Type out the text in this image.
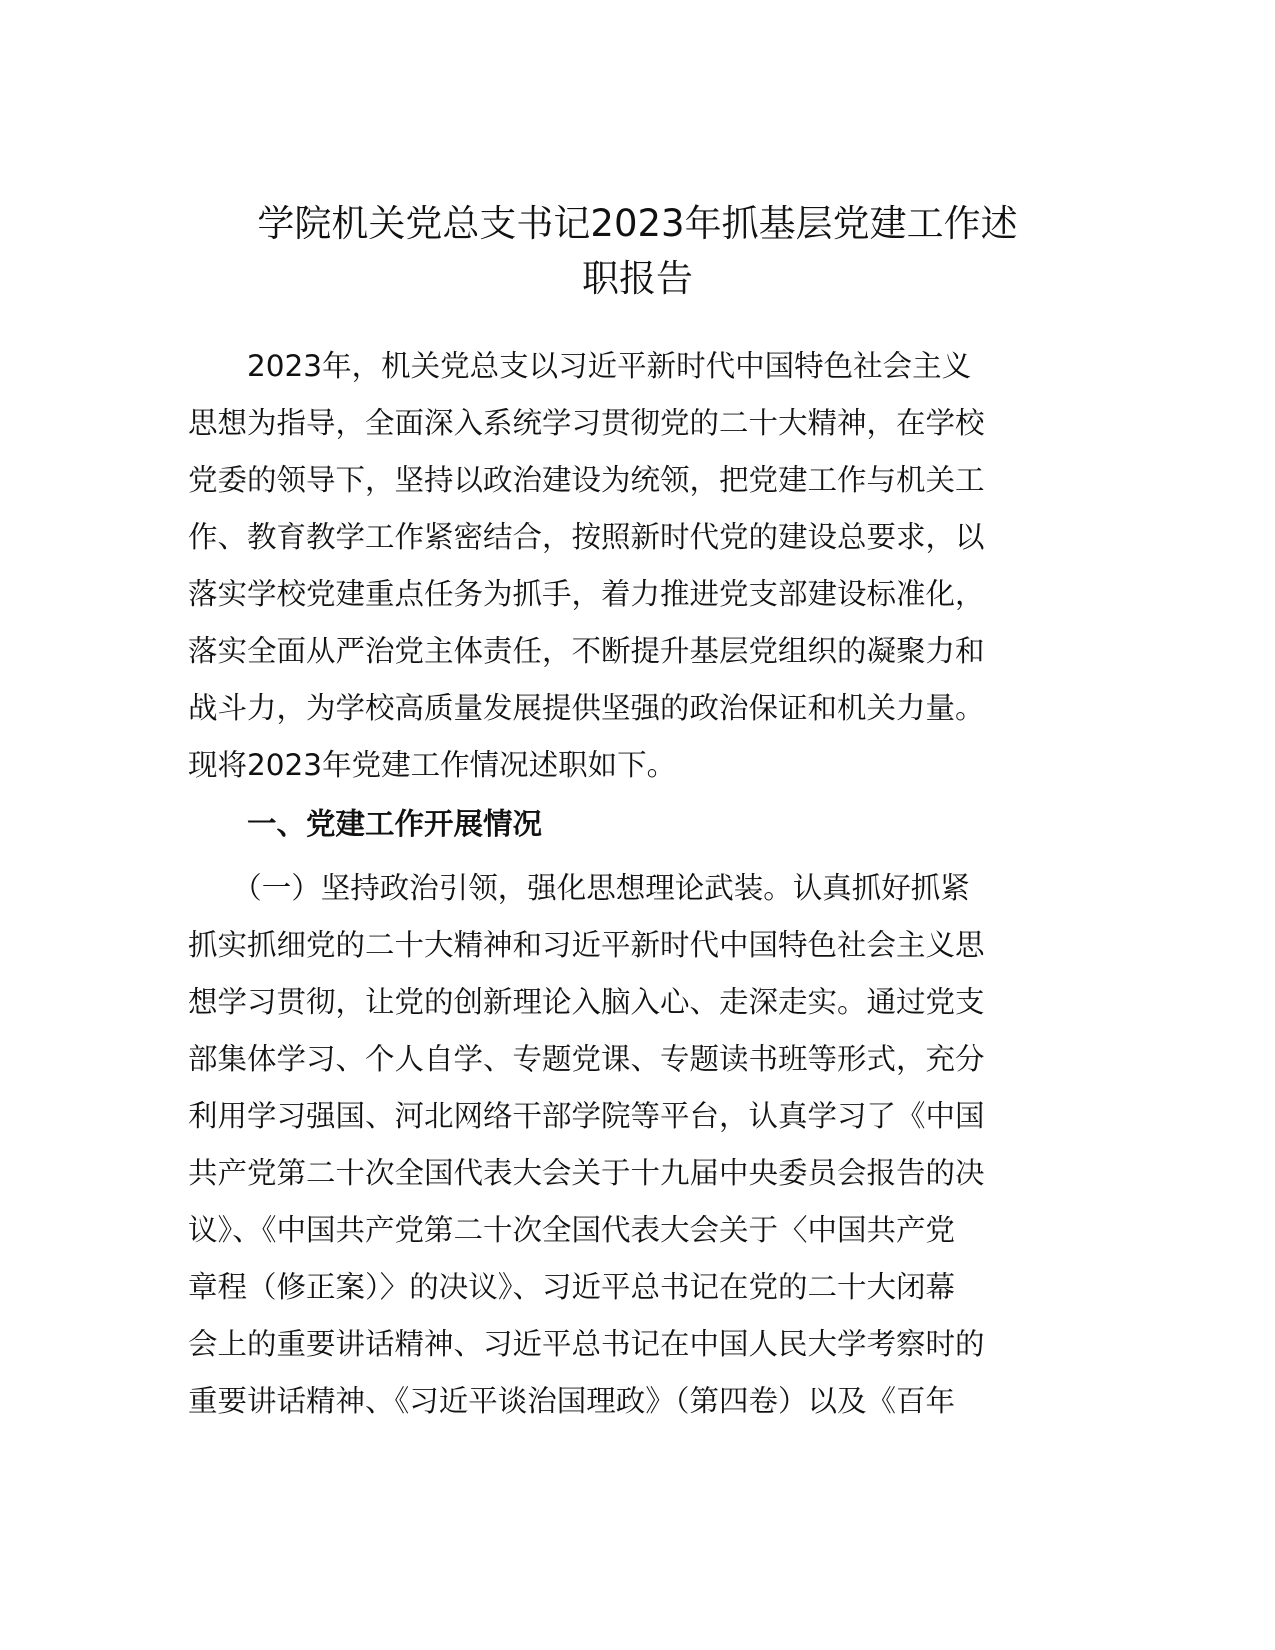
学院机关党总支书记2023年抓基层党建工作述
职报告

　　2023年，机关党总支以习近平新时代中国特色社会主义

思想为指导，全面深入系统学习贯彻党的二十大精神，在学校

党委的领导下，坚持以政治建设为统领，把党建工作与机关工

作、教育教学工作紧密结合，按照新时代党的建设总要求，以

落实学校党建重点任务为抓手，着力推进党支部建设标准化，

落实全面从严治党主体责任，不断提升基层党组织的凝聚力和

战斗力，为学校高质量发展提供坚强的政治保证和机关力量。

现将2023年党建工作情况述职如下。

　　一、党建工作开展情况

　　（一）坚持政治引领，强化思想理论武装。认真抓好抓紧

抓实抓细党的二十大精神和习近平新时代中国特色社会主义思

想学习贯彻，让党的创新理论入脑入心、走深走实。通过党支

部集体学习、个人自学、专题党课、专题读书班等形式，充分

利用学习强国、河北网络干部学院等平台，认真学习了《中国

共产党第二十次全国代表大会关于十九届中央委员会报告的决

议》、《中国共产党第二十次全国代表大会关于〈中国共产党

章程（修正案）〉的决议》、习近平总书记在党的二十大闭幕

会上的重要讲话精神、习近平总书记在中国人民大学考察时的

重要讲话精神、《习近平谈治国理政》（第四卷）以及《百年
